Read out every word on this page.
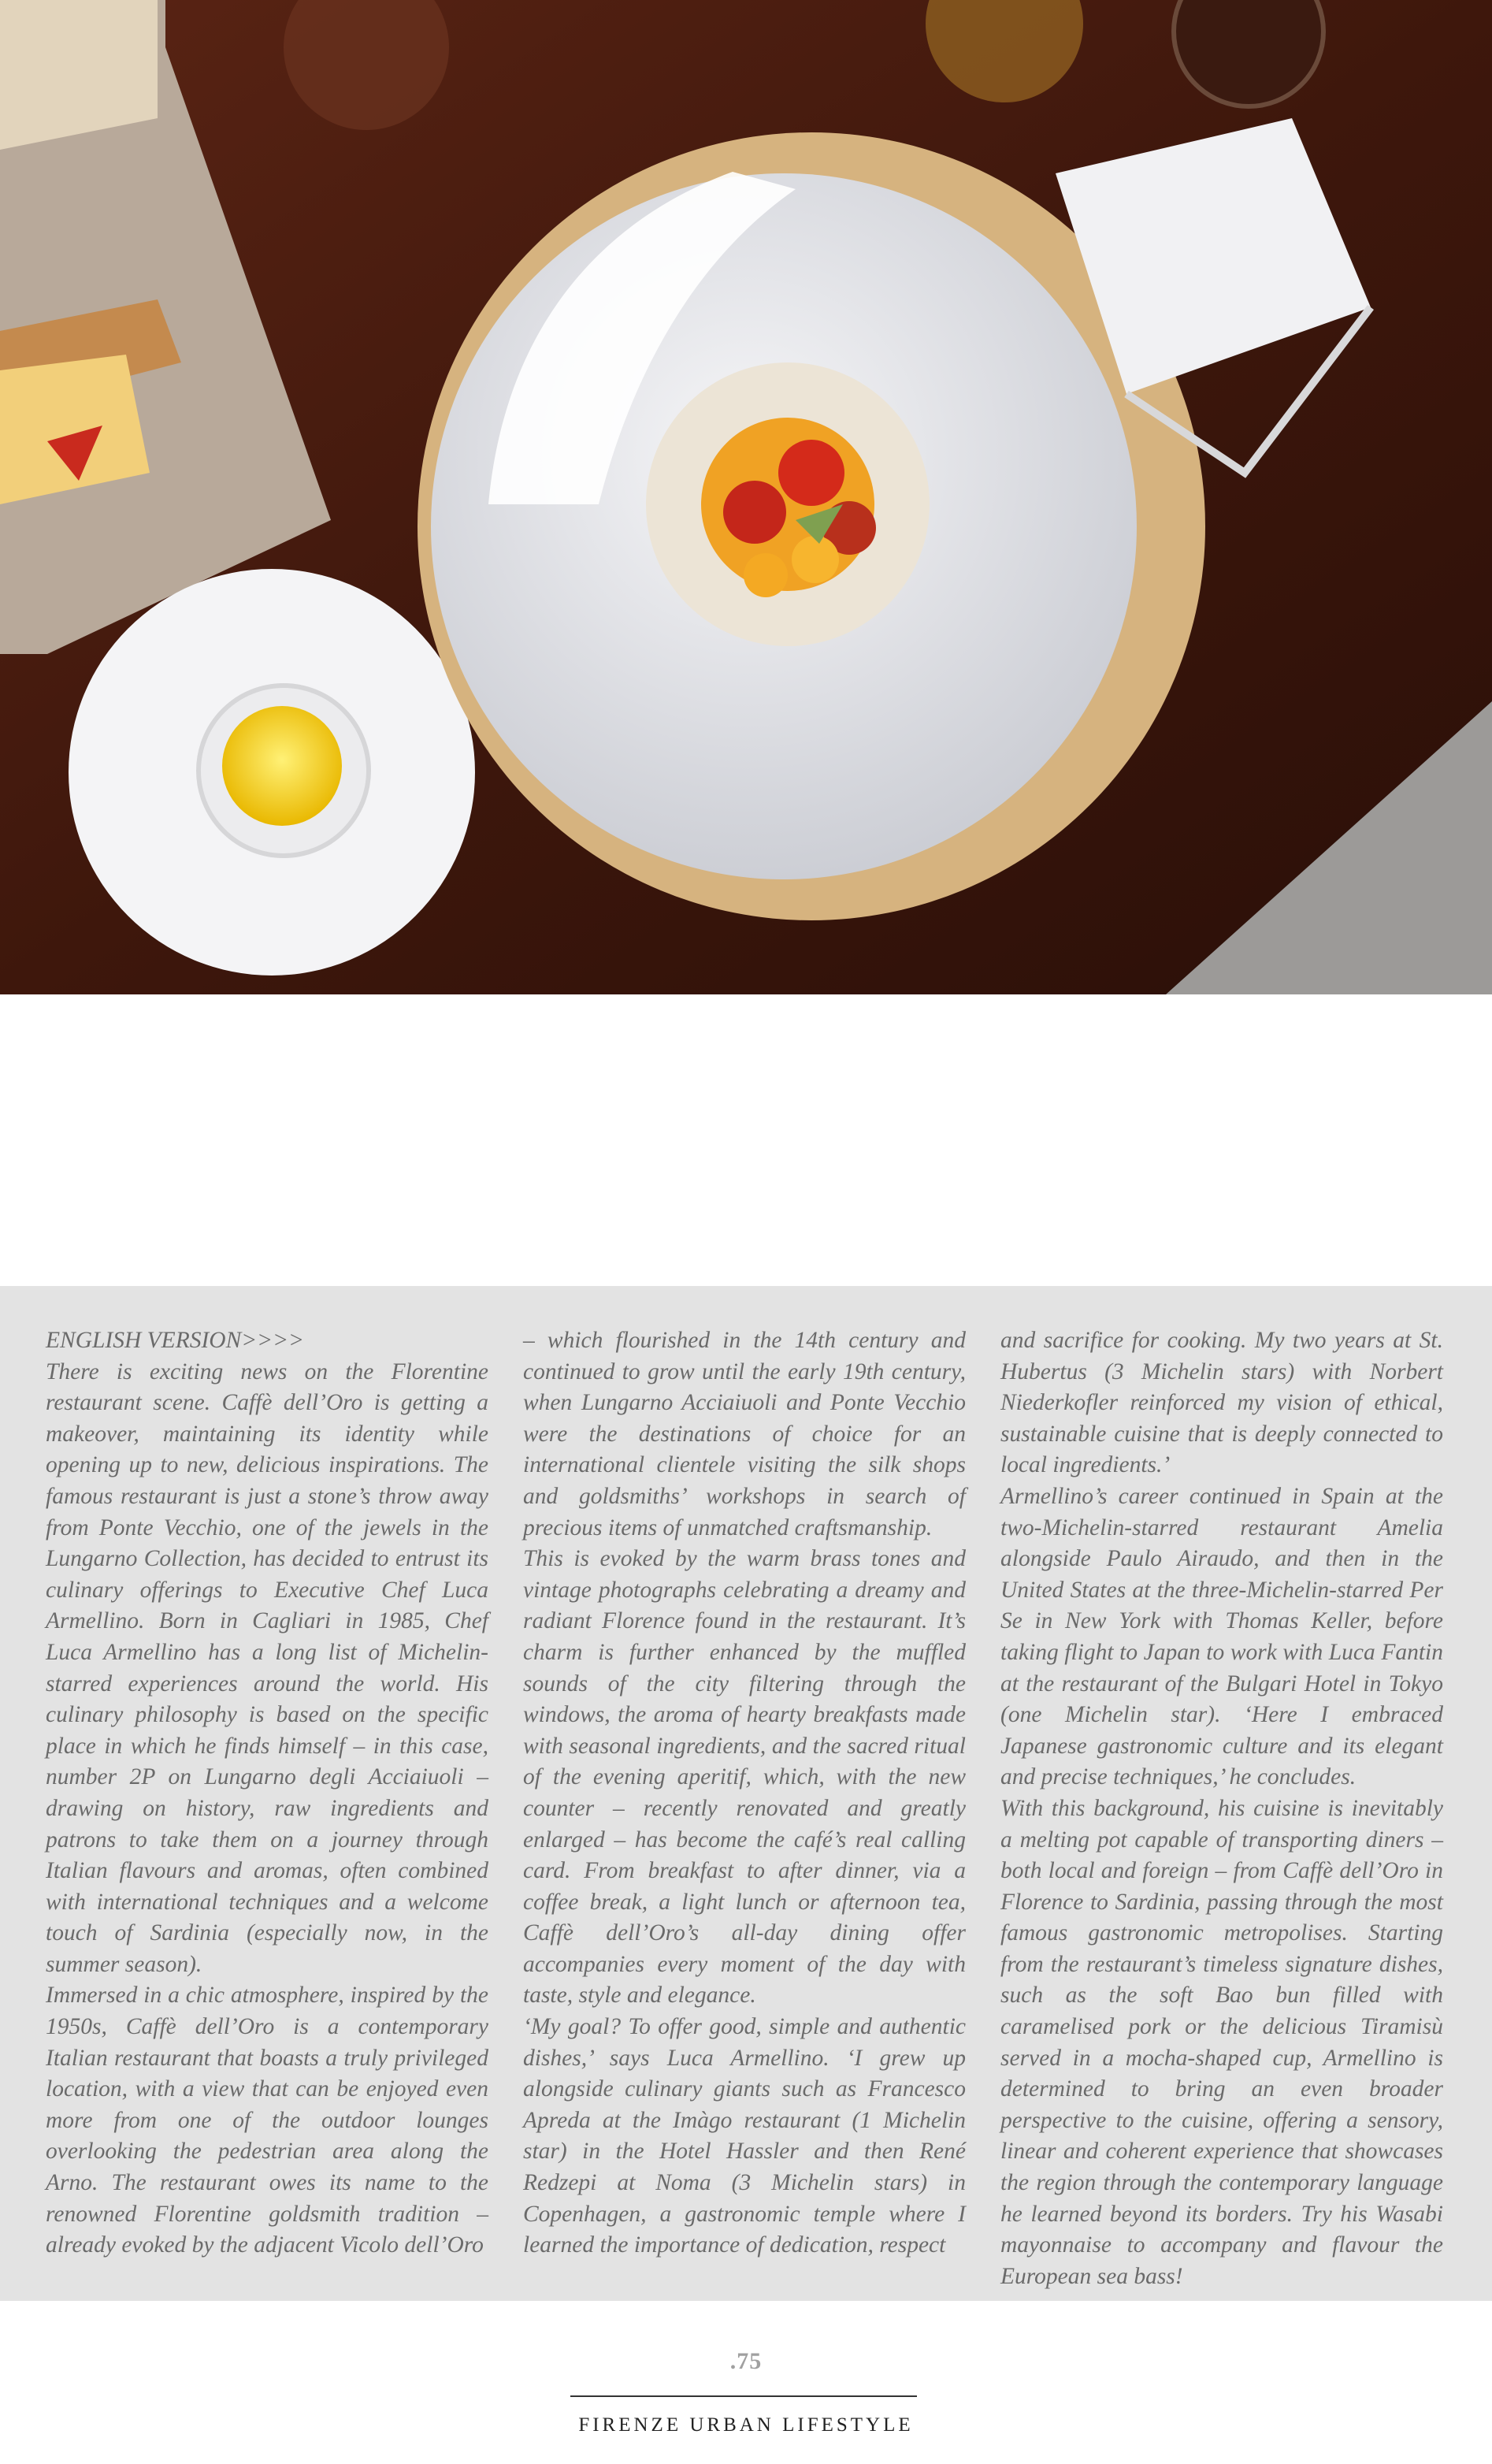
ENGLISH VERSION>>>>

There is exciting news on the Florentine restaurant scene. Caffè dell’Oro is getting a makeover, maintaining its identity while opening up to new, delicious inspirations. The famous restaurant is just a stone’s throw away from Ponte Vecchio, one of the jewels in the Lungarno Collection, has decided to entrust its culinary offerings to Executive Chef Luca Armellino. Born in Cagliari in 1985, Chef Luca Armellino has a long list of Michelin-starred experiences around the world. His culinary philosophy is based on the specific place in which he finds himself – in this case, number 2P on Lungarno degli Acciaiuoli – drawing on history, raw ingredients and patrons to take them on a journey through Italian flavours and aromas, often combined with international techniques and a welcome touch of Sardinia (especially now, in the summer season).

Immersed in a chic atmosphere, inspired by the 1950s, Caffè dell’Oro is a contemporary Italian restaurant that boasts a truly privileged location, with a view that can be enjoyed even more from one of the outdoor lounges overlooking the pedestrian area along the Arno. The restaurant owes its name to the renowned Florentine goldsmith tradition – already evoked by the adjacent Vicolo dell’Oro

– which flourished in the 14th century and continued to grow until the early 19th century, when Lungarno Acciaiuoli and Ponte Vecchio were the destinations of choice for an international clientele visiting the silk shops and goldsmiths’ workshops in search of precious items of unmatched craftsmanship.

This is evoked by the warm brass tones and vintage photographs celebrating a dreamy and radiant Florence found in the restaurant. It’s charm is further enhanced by the muffled sounds of the city filtering through the windows, the aroma of hearty breakfasts made with seasonal ingredients, and the sacred ritual of the evening aperitif, which, with the new counter – recently renovated and greatly enlarged – has become the café’s real calling card. From breakfast to after dinner, via a coffee break, a light lunch or afternoon tea, Caffè dell’Oro’s all-day dining offer accompanies every moment of the day with taste, style and elegance.

‘My goal? To offer good, simple and authentic dishes,’ says Luca Armellino. ‘I grew up alongside culinary giants such as Francesco Apreda at the Imàgo restaurant (1 Michelin star) in the Hotel Hassler and then René Redzepi at Noma (3 Michelin stars) in Copenhagen, a gastronomic temple where I learned the importance of dedication, respect

and sacrifice for cooking. My two years at St. Hubertus (3 Michelin stars) with Norbert Niederkofler reinforced my vision of ethical, sustainable cuisine that is deeply connected to local ingredients.’

Armellino’s career continued in Spain at the two-Michelin-starred restaurant Amelia alongside Paulo Airaudo, and then in the United States at the three-Michelin-starred Per Se in New York with Thomas Keller, before taking flight to Japan to work with Luca Fantin at the restaurant of the Bulgari Hotel in Tokyo (one Michelin star). ‘Here I embraced Japanese gastronomic culture and its elegant and precise techniques,’ he concludes.

With this background, his cuisine is inevitably a melting pot capable of transporting diners – both local and foreign – from Caffè dell’Oro in Florence to Sardinia, passing through the most famous gastronomic metropolises. Starting from the restaurant’s timeless signature dishes, such as the soft Bao bun filled with caramelised pork or the delicious Tiramisù served in a mocha-shaped cup, Armellino is determined to bring an even broader perspective to the cuisine, offering a sensory, linear and coherent experience that showcases the region through the contemporary language he learned beyond its borders. Try his Wasabi mayonnaise to accompany and flavour the European sea bass!

.75
FIRENZE URBAN LIFESTYLE
